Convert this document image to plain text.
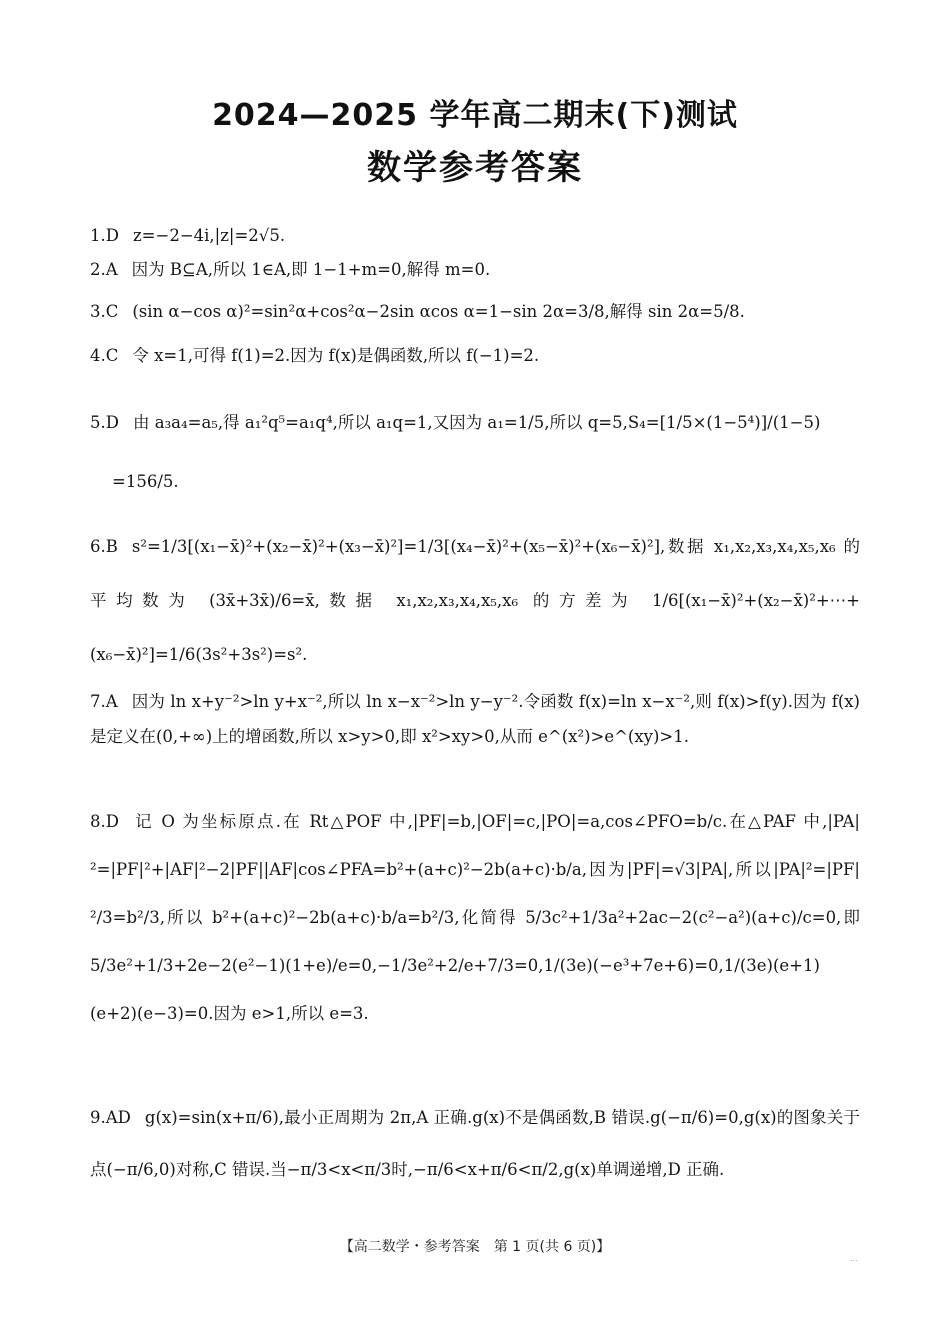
2024—2025 学年高二期末(下)测试
数学参考答案
1.D z=−2−4i,|z|=2√5.
2.A 因为 B⊆A,所以 1∈A,即 1−1+m=0,解得 m=0.
3.C (sin α−cos α)²=sin²α+cos²α−2sin αcos α=1−sin 2α=3/8,解得 sin 2α=5/8.
4.C 令 x=1,可得 f(1)=2.因为 f(x)是偶函数,所以 f(−1)=2.
5.D 由 a₃a₄=a₅,得 a₁²q⁵=a₁q⁴,所以 a₁q=1,又因为 a₁=1/5,所以 q=5,S₄=[1/5×(1−5⁴)]/(1−5)
=156/5.
6.B s²=1/3[(x₁−x̄)²+(x₂−x̄)²+(x₃−x̄)²]=1/3[(x₄−x̄)²+(x₅−x̄)²+(x₆−x̄)²],数据 x₁,x₂,x₃,x₄,x₅,x₆ 的平均数为 (3x̄+3x̄)/6=x̄,数据 x₁,x₂,x₃,x₄,x₅,x₆ 的方差为 1/6[(x₁−x̄)²+(x₂−x̄)²+⋯+(x₆−x̄)²]=1/6(3s²+3s²)=s².
7.A 因为 ln x+y⁻²>ln y+x⁻²,所以 ln x−x⁻²>ln y−y⁻².令函数 f(x)=ln x−x⁻²,则 f(x)>f(y).因为 f(x)是定义在(0,+∞)上的增函数,所以 x>y>0,即 x²>xy>0,从而 e^(x²)>e^(xy)>1.
8.D 记 O 为坐标原点.在 Rt△POF 中,|PF|=b,|OF|=c,|PO|=a,cos∠PFO=b/c.在△PAF 中,|PA|²=|PF|²+|AF|²−2|PF||AF|cos∠PFA=b²+(a+c)²−2b(a+c)·b/a,因为|PF|=√3|PA|,所以|PA|²=|PF|²/3=b²/3,所以 b²+(a+c)²−2b(a+c)·b/a=b²/3,化简得 5/3c²+1/3a²+2ac−2(c²−a²)(a+c)/c=0,即 5/3e²+1/3+2e−2(e²−1)(1+e)/e=0,−1/3e²+2/e+7/3=0,1/(3e)(−e³+7e+6)=0,1/(3e)(e+1)(e+2)(e−3)=0.因为 e>1,所以 e=3.
9.AD g(x)=sin(x+π/6),最小正周期为 2π,A 正确.g(x)不是偶函数,B 错误.g(−π/6)=0,g(x)的图象关于点(−π/6,0)对称,C 错误.当−π/3<x<π/3时,−π/6<x+π/6<π/2,g(x)单调递增,D 正确.
【高二数学・参考答案　第 1 页(共 6 页)】
...
